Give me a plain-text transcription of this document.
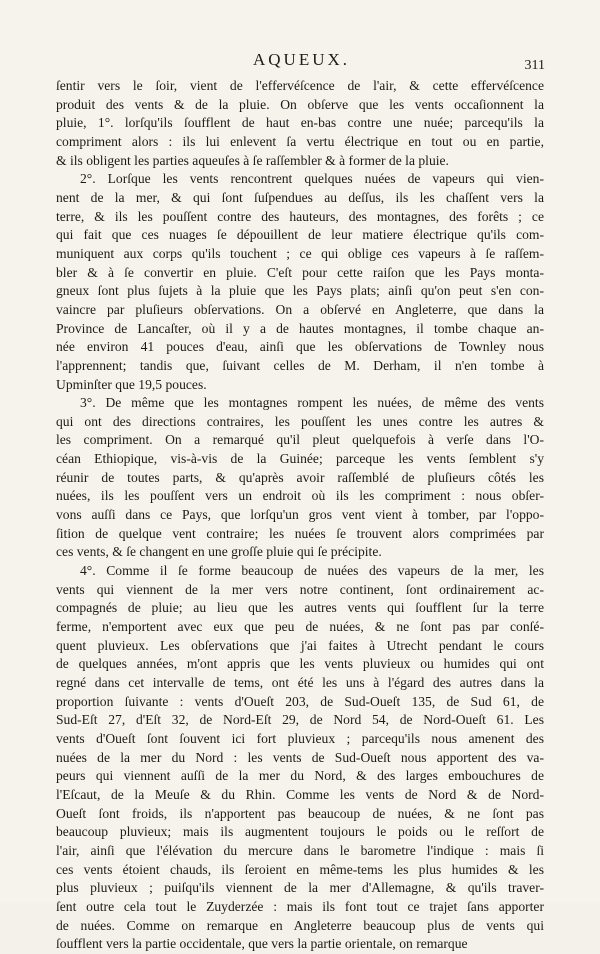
AQUEUX.	311
ſentir vers le ſoir, vient de l'effervéſcence de l'air, & cette effervéſcence
produit des vents & de la pluie. On obſerve que les vents occaſionnent la
pluie, 1°. lorſqu'ils ſoufflent de haut en-bas contre une nuée; parcequ'ils la
compriment alors : ils lui enlevent ſa vertu électrique en tout ou en partie,
& ils obligent les parties aqueuſes à ſe raſſembler & à former de la pluie.
2°. Lorſque les vents rencontrent quelques nuées de vapeurs qui vien-
nent de la mer, & qui ſont ſuſpendues au deſſus, ils les chaſſent vers la
terre, & ils les pouſſent contre des hauteurs, des montagnes, des forêts ; ce
qui fait que ces nuages ſe dépouillent de leur matiere électrique qu'ils com-
muniquent aux corps qu'ils touchent ; ce qui oblige ces vapeurs à ſe raſſem-
bler & à ſe convertir en pluie. C'eſt pour cette raiſon que les Pays monta-
gneux ſont plus ſujets à la pluie que les Pays plats; ainſi qu'on peut s'en con-
vaincre par pluſieurs obſervations. On a obſervé en Angleterre, que dans la
Province de Lancaſter, où il y a de hautes montagnes, il tombe chaque an-
née environ 41 pouces d'eau, ainſi que les obſervations de Townley nous
l'apprennent; tandis que, ſuivant celles de M. Derham, il n'en tombe à
Upminſter que 19,5 pouces.
3°. De même que les montagnes rompent les nuées, de même des vents
qui ont des directions contraires, les pouſſent les unes contre les autres &
les compriment. On a remarqué qu'il pleut quelquefois à verſe dans l'O-
céan Ethiopique, vis-à-vis de la Guinée; parceque les vents ſemblent s'y
réunir de toutes parts, & qu'après avoir raſſemblé de pluſieurs côtés les
nuées, ils les pouſſent vers un endroit où ils les compriment : nous obſer-
vons auſſi dans ce Pays, que lorſqu'un gros vent vient à tomber, par l'oppo-
ſition de quelque vent contraire; les nuées ſe trouvent alors comprimées par
ces vents, & ſe changent en une groſſe pluie qui ſe précipite.
4°. Comme il ſe forme beaucoup de nuées des vapeurs de la mer, les
vents qui viennent de la mer vers notre continent, ſont ordinairement ac-
compagnés de pluie; au lieu que les autres vents qui ſoufflent ſur la terre
ferme, n'emportent avec eux que peu de nuées, & ne ſont pas par conſé-
quent pluvieux. Les obſervations que j'ai faites à Utrecht pendant le cours
de quelques années, m'ont appris que les vents pluvieux ou humides qui ont
regné dans cet intervalle de tems, ont été les uns à l'égard des autres dans la
proportion ſuivante : vents d'Oueſt 203, de Sud-Oueſt 135, de Sud 61, de
Sud-Eſt 27, d'Eſt 32, de Nord-Eſt 29, de Nord 54, de Nord-Oueſt 61. Les
vents d'Oueſt ſont ſouvent ici fort pluvieux ; parcequ'ils nous amenent des
nuées de la mer du Nord : les vents de Sud-Oueſt nous apportent des va-
peurs qui viennent auſſi de la mer du Nord, & des larges embouchures de
l'Eſcaut, de la Meuſe & du Rhin. Comme les vents de Nord & de Nord-
Oueſt ſont froids, ils n'apportent pas beaucoup de nuées, & ne ſont pas
beaucoup pluvieux; mais ils augmentent toujours le poids ou le reſſort de
l'air, ainſi que l'élévation du mercure dans le barometre l'indique : mais ſi
ces vents étoient chauds, ils ſeroient en même-tems les plus humides & les
plus pluvieux ; puiſqu'ils viennent de la mer d'Allemagne, & qu'ils traver-
ſent outre cela tout le Zuyderzée : mais ils font tout ce trajet ſans apporter
de nuées. Comme on remarque en Angleterre beaucoup plus de vents qui
ſoufflent vers la partie occidentale, que vers la partie orientale, on remarque
